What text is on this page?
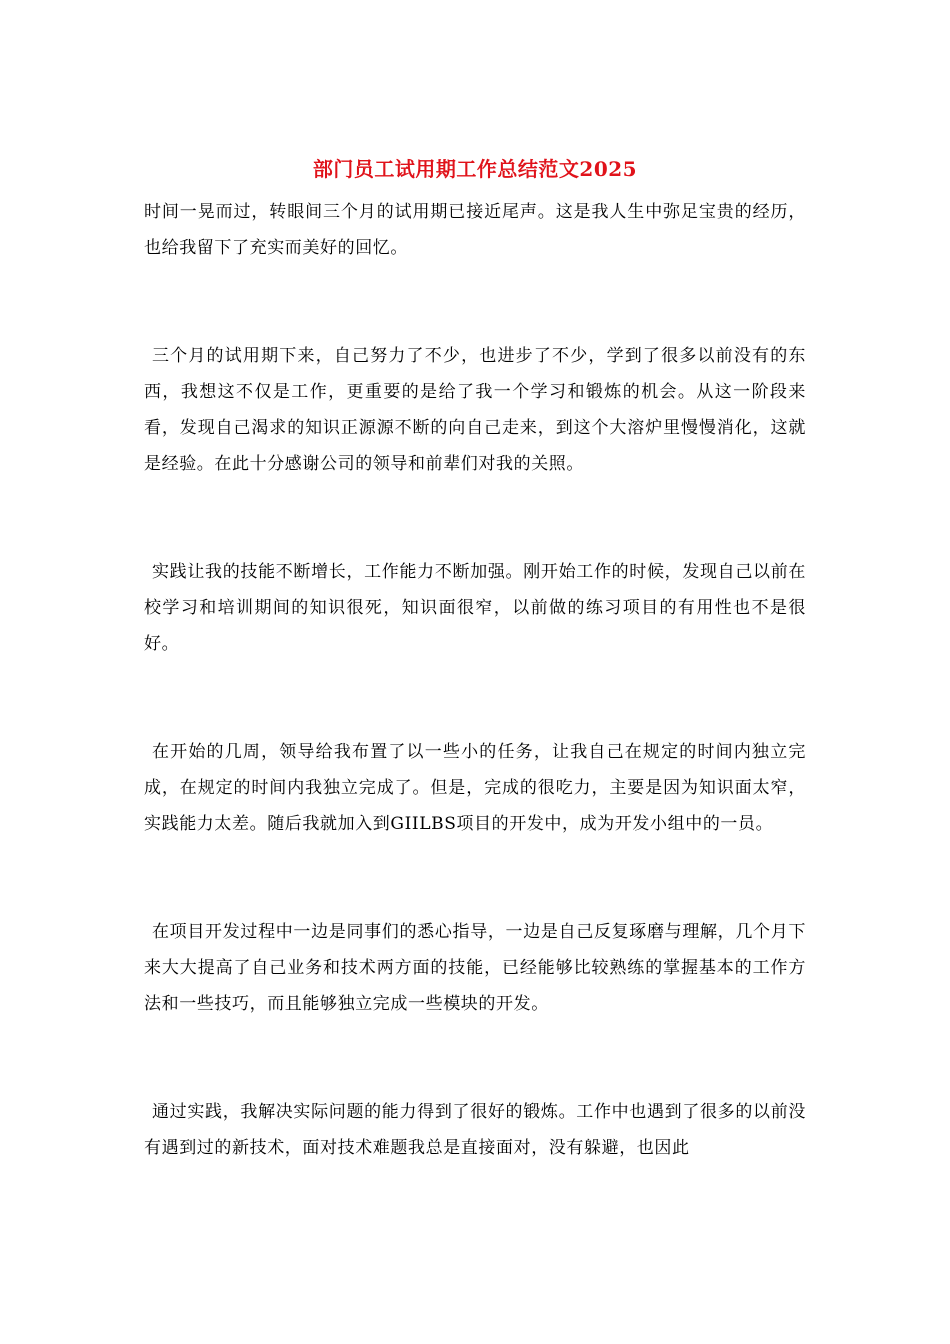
部门员工试用期工作总结范文2025

时间一晃而过，转眼间三个月的试用期已接近尾声。这是我人生中弥足宝贵的经历，也给我留下了充实而美好的回忆。

三个月的试用期下来，自己努力了不少，也进步了不少，学到了很多以前没有的东西，我想这不仅是工作，更重要的是给了我一个学习和锻炼的机会。从这一阶段来看，发现自己渴求的知识正源源不断的向自己走来，到这个大溶炉里慢慢消化，这就是经验。在此十分感谢公司的领导和前辈们对我的关照。

实践让我的技能不断增长，工作能力不断加强。刚开始工作的时候，发现自己以前在校学习和培训期间的知识很死，知识面很窄，以前做的练习项目的有用性也不是很好。

在开始的几周，领导给我布置了以一些小的任务，让我自己在规定的时间内独立完成，在规定的时间内我独立完成了。但是，完成的很吃力，主要是因为知识面太窄，实践能力太差。随后我就加入到GIILBS项目的开发中，成为开发小组中的一员。

在项目开发过程中一边是同事们的悉心指导，一边是自己反复琢磨与理解，几个月下来大大提高了自己业务和技术两方面的技能，已经能够比较熟练的掌握基本的工作方法和一些技巧，而且能够独立完成一些模块的开发。

通过实践，我解决实际问题的能力得到了很好的锻炼。工作中也遇到了很多的以前没有遇到过的新技术，面对技术难题我总是直接面对，没有躲避，也因此
